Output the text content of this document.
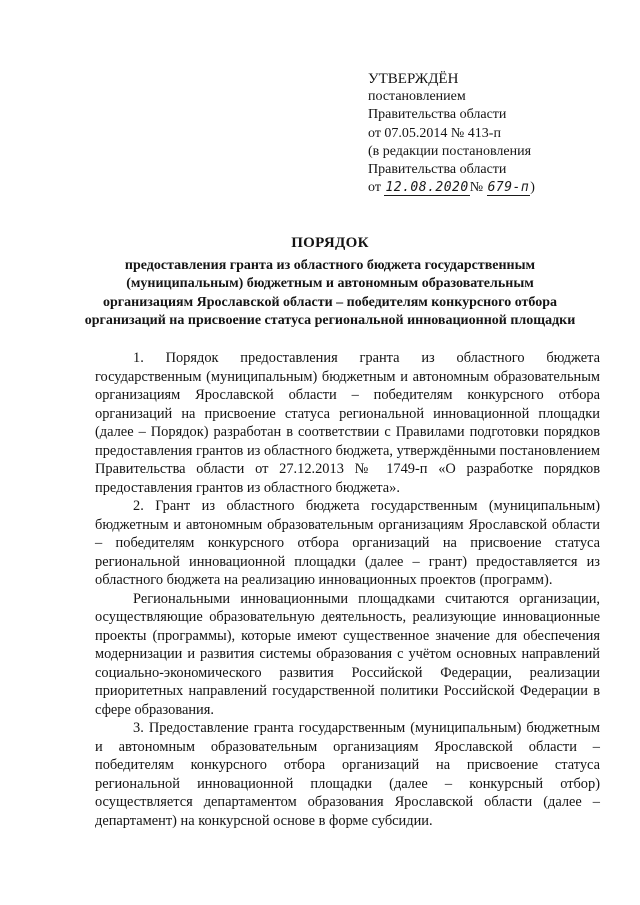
УТВЕРЖДЁН
постановлением
Правительства области
от 07.05.2014 № 413-п
(в редакции постановления
Правительства области
от 12.08.2020№ 679-п)
ПОРЯДОК
предоставления гранта из областного бюджета государственным (муниципальным) бюджетным и автономным образовательным организациям Ярославской области – победителям конкурсного отбора организаций на присвоение статуса региональной инновационной площадки

1. Порядок предоставления гранта из областного бюджета государственным (муниципальным) бюджетным и автономным образовательным организациям Ярославской области – победителям конкурсного отбора организаций на присвоение статуса региональной инновационной площадки (далее – Порядок) разработан в соответствии с Правилами подготовки порядков предоставления грантов из областного бюджета, утверждёнными постановлением Правительства области от 27.12.2013 № 1749-п «О разработке порядков предоставления грантов из областного бюджета».

2. Грант из областного бюджета государственным (муниципальным) бюджетным и автономным образовательным организациям Ярославской области – победителям конкурсного отбора организаций на присвоение статуса региональной инновационной площадки (далее – грант) предоставляется из областного бюджета на реализацию инновационных проектов (программ).

Региональными инновационными площадками считаются организации, осуществляющие образовательную деятельность, реализующие инновационные проекты (программы), которые имеют существенное значение для обеспечения модернизации и развития системы образования с учётом основных направлений социально-экономического развития Российской Федерации, реализации приоритетных направлений государственной политики Российской Федерации в сфере образования.

3. Предоставление гранта государственным (муниципальным) бюджетным и автономным образовательным организациям Ярославской области – победителям конкурсного отбора организаций на присвоение статуса региональной инновационной площадки (далее – конкурсный отбор) осуществляется департаментом образования Ярославской области (далее – департамент) на конкурсной основе в форме субсидии.
